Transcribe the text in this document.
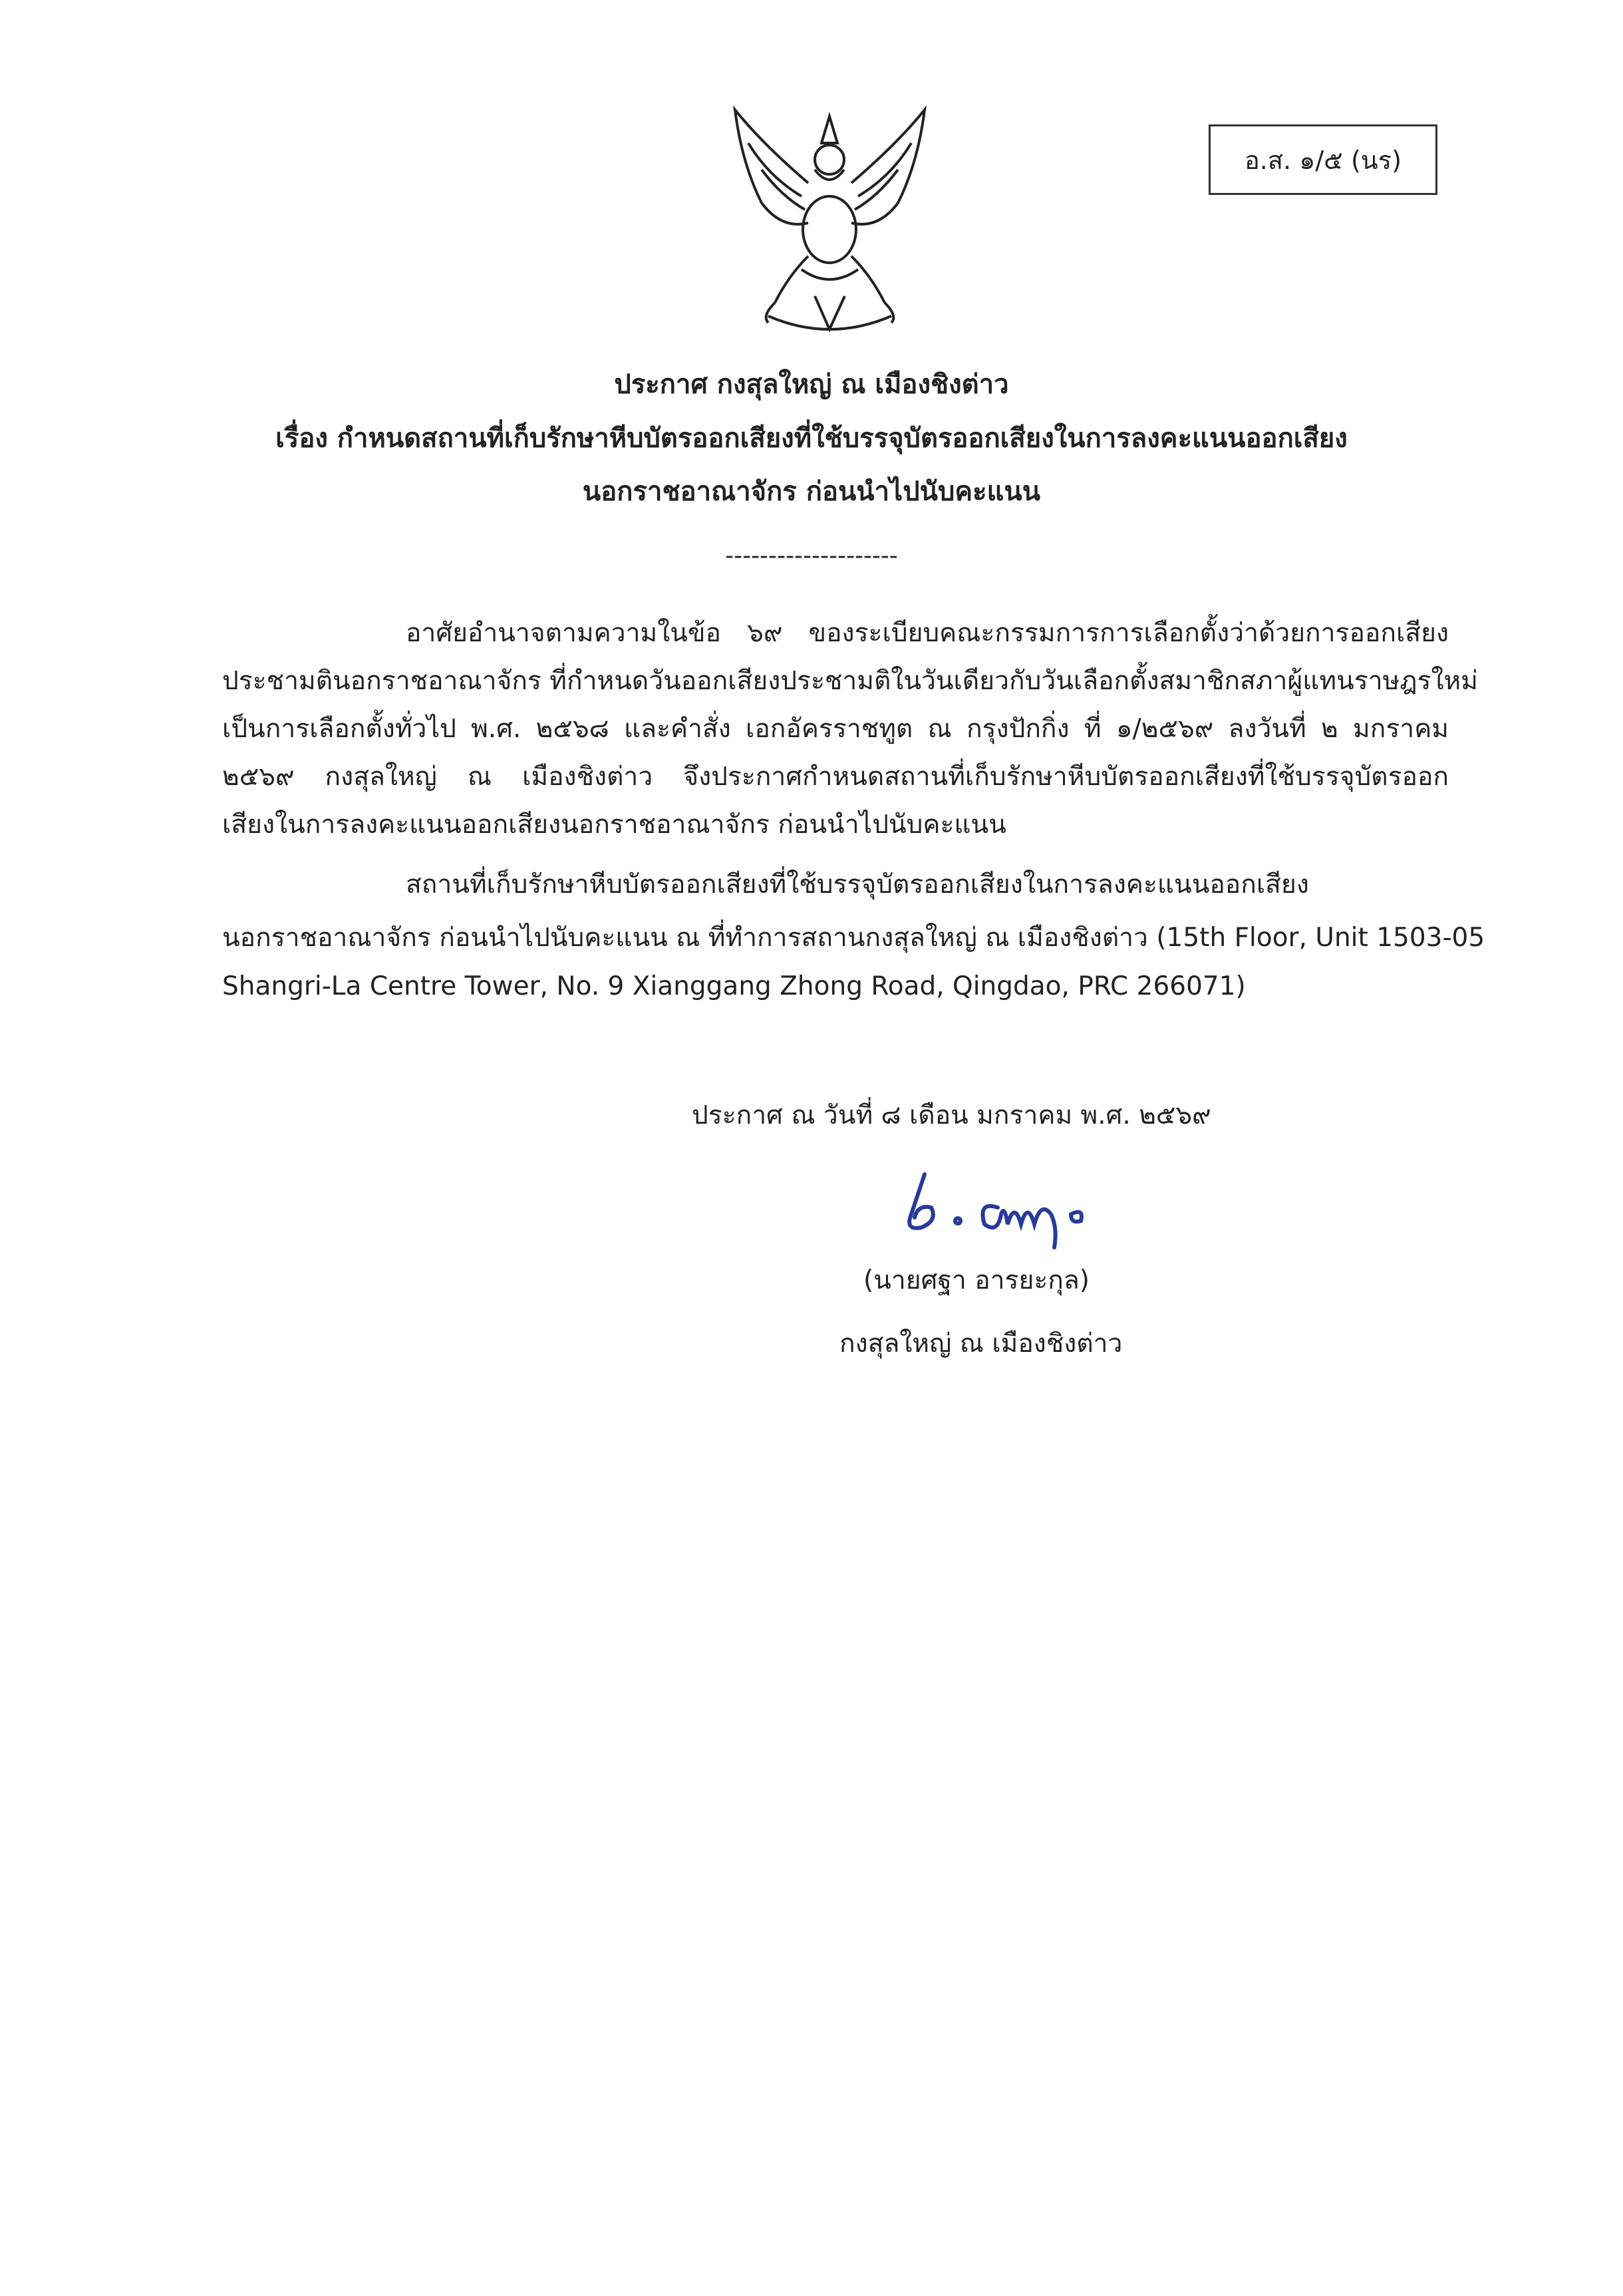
อ.ส. ๑/๕ (นร)
ประกาศ กงสุลใหญ่ ณ เมืองชิงต่าว
เรื่อง กำหนดสถานที่เก็บรักษาหีบบัตรออกเสียงที่ใช้บรรจุบัตรออกเสียงในการลงคะแนนออกเสียง
นอกราชอาณาจักร ก่อนนำไปนับคะแนน
--------------------
อาศัยอำนาจตามความในข้อ ๖๙ ของระเบียบคณะกรรมการการเลือกตั้งว่าด้วยการออกเสียง
ประชามตินอกราชอาณาจักร ที่กำหนดวันออกเสียงประชามติในวันเดียวกับวันเลือกตั้งสมาชิกสภาผู้แทนราษฎรใหม่
เป็นการเลือกตั้งทั่วไป พ.ศ. ๒๕๖๘ และคำสั่ง เอกอัครราชทูต ณ กรุงปักกิ่ง ที่ ๑/๒๕๖๙ ลงวันที่ ๒ มกราคม
๒๕๖๙ กงสุลใหญ่ ณ เมืองชิงต่าว จึงประกาศกำหนดสถานที่เก็บรักษาหีบบัตรออกเสียงที่ใช้บรรจุบัตรออก
เสียงในการลงคะแนนออกเสียงนอกราชอาณาจักร ก่อนนำไปนับคะแนน
สถานที่เก็บรักษาหีบบัตรออกเสียงที่ใช้บรรจุบัตรออกเสียงในการลงคะแนนออกเสียง
นอกราชอาณาจักร ก่อนนำไปนับคะแนน ณ ที่ทำการสถานกงสุลใหญ่ ณ เมืองชิงต่าว (15th Floor, Unit 1503-05
Shangri-La Centre Tower, No. 9 Xianggang Zhong Road, Qingdao, PRC 266071)
ประกาศ ณ วันที่ ๘ เดือน มกราคม พ.ศ. ๒๕๖๙
(นายศฐา อารยะกุล)
กงสุลใหญ่ ณ เมืองชิงต่าว
